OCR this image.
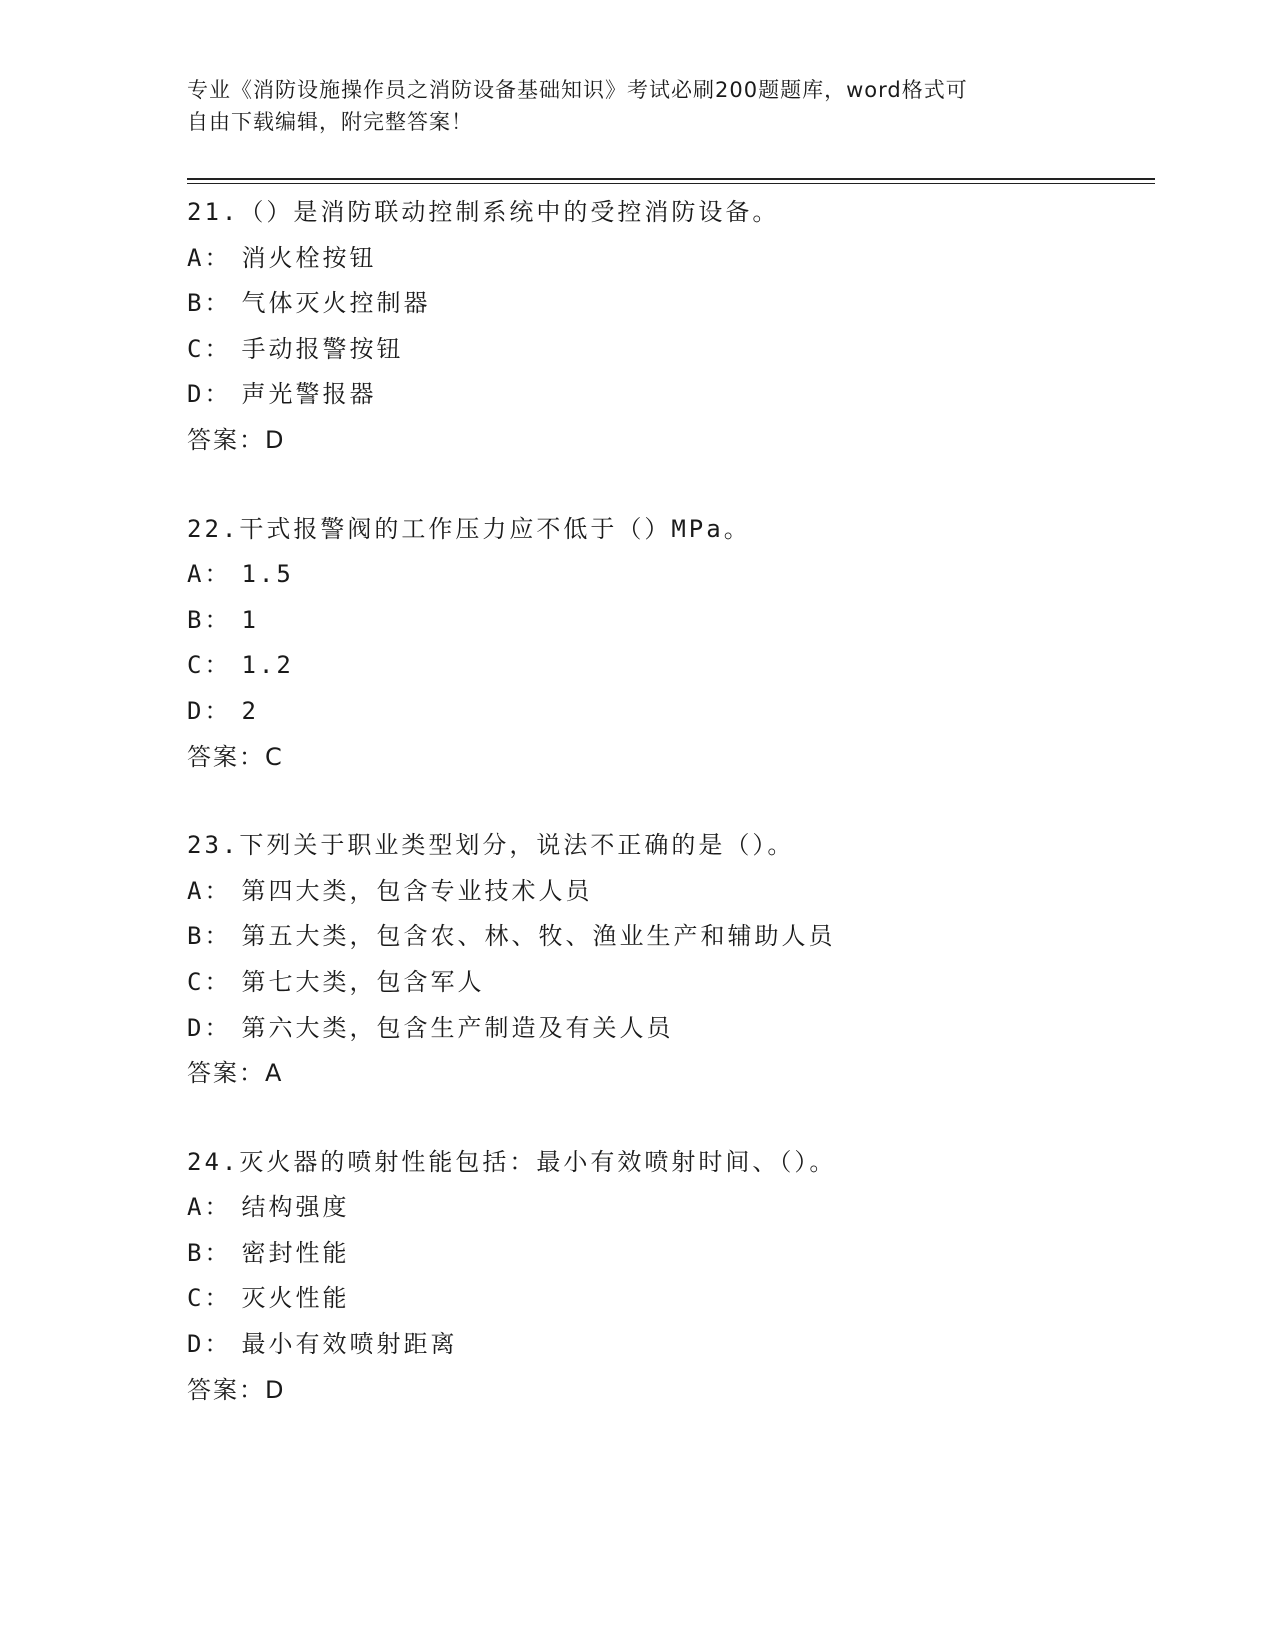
专业《消防设施操作员之消防设备基础知识》考试必刷200题题库，word格式可
自由下载编辑，附完整答案！
21.（）是消防联动控制系统中的受控消防设备。
A： 消火栓按钮
B： 气体灭火控制器
C： 手动报警按钮
D： 声光警报器
答案：D
22.干式报警阀的工作压力应不低于（）MPa。
A： 1.5
B： 1
C： 1.2
D： 2
答案：C
23.下列关于职业类型划分，说法不正确的是（）。
A： 第四大类，包含专业技术人员
B： 第五大类，包含农、林、牧、渔业生产和辅助人员
C： 第七大类，包含军人
D： 第六大类，包含生产制造及有关人员
答案：A
24.灭火器的喷射性能包括：最小有效喷射时间、（）。
A： 结构强度
B： 密封性能
C： 灭火性能
D： 最小有效喷射距离
答案：D
